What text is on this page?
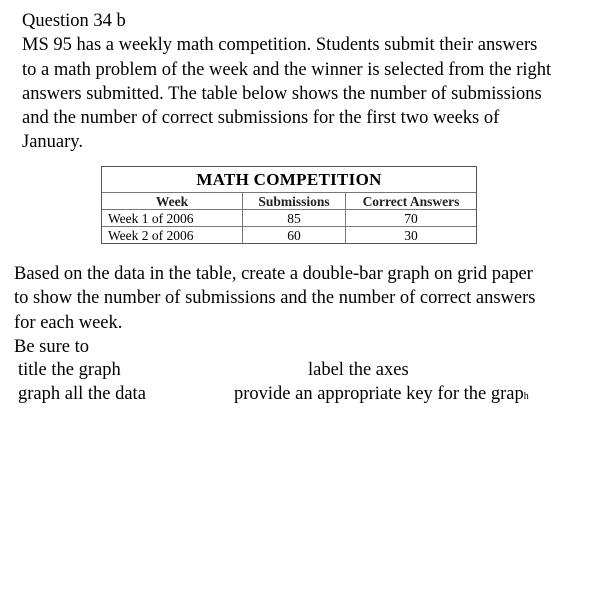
Question 34 b
MS 95 has a weekly math competition. Students submit their answers
to a math problem of the week and the winner is selected from the right
answers submitted. The table below shows the number of submissions
and the number of correct submissions for the first two weeks of
January.
MATH COMPETITION
Week	Submissions	Correct Answers
Week 1 of 2006	85	70
Week 2 of 2006	60	30
Based on the data in the table, create a double-bar graph on grid paper
to show the number of submissions and the number of correct answers
for each week.
Be sure to
title the graph	label the axes
graph all the data	provide an appropriate key for the graph
